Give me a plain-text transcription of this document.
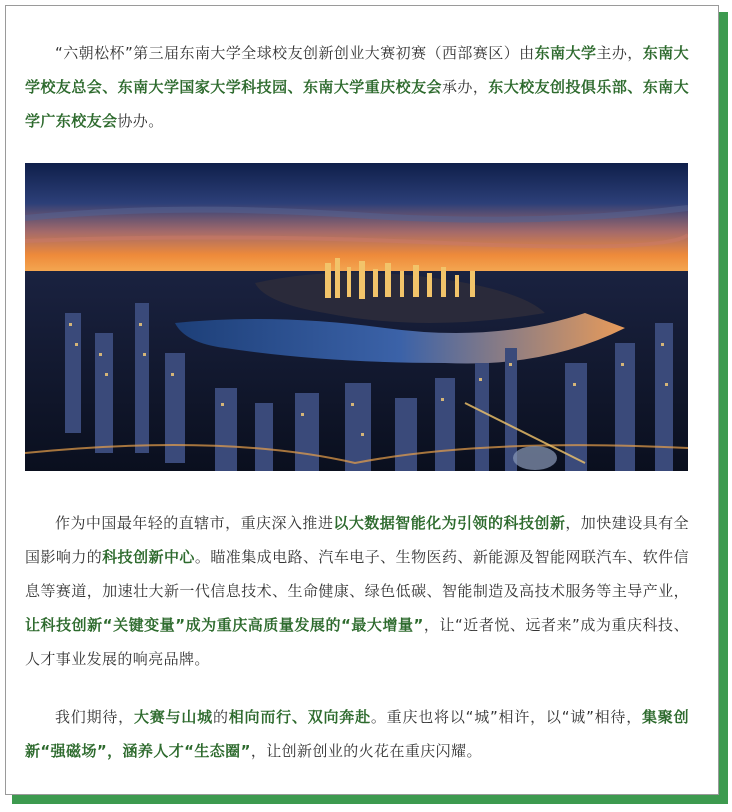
“六朝松杯”第三届东南大学全球校友创新创业大赛初赛（西部赛区）由东南大学主办，东南大学校友总会、东南大学国家大学科技园、东南大学重庆校友会承办，东大校友创投俱乐部、东南大学广东校友会协办。

作为中国最年轻的直辖市，重庆深入推进以大数据智能化为引领的科技创新，加快建设具有全国影响力的科技创新中心。瞄准集成电路、汽车电子、生物医药、新能源及智能网联汽车、软件信息等赛道，加速壮大新一代信息技术、生命健康、绿色低碳、智能制造及高技术服务等主导产业，让科技创新“关键变量”成为重庆高质量发展的“最大增量”，让“近者悦、远者来”成为重庆科技、人才事业发展的响亮品牌。

我们期待，大赛与山城的相向而行、双向奔赴。重庆也将以“城”相许，以“诚”相待，集聚创新“强磁场”，涵养人才“生态圈”，让创新创业的火花在重庆闪耀。
